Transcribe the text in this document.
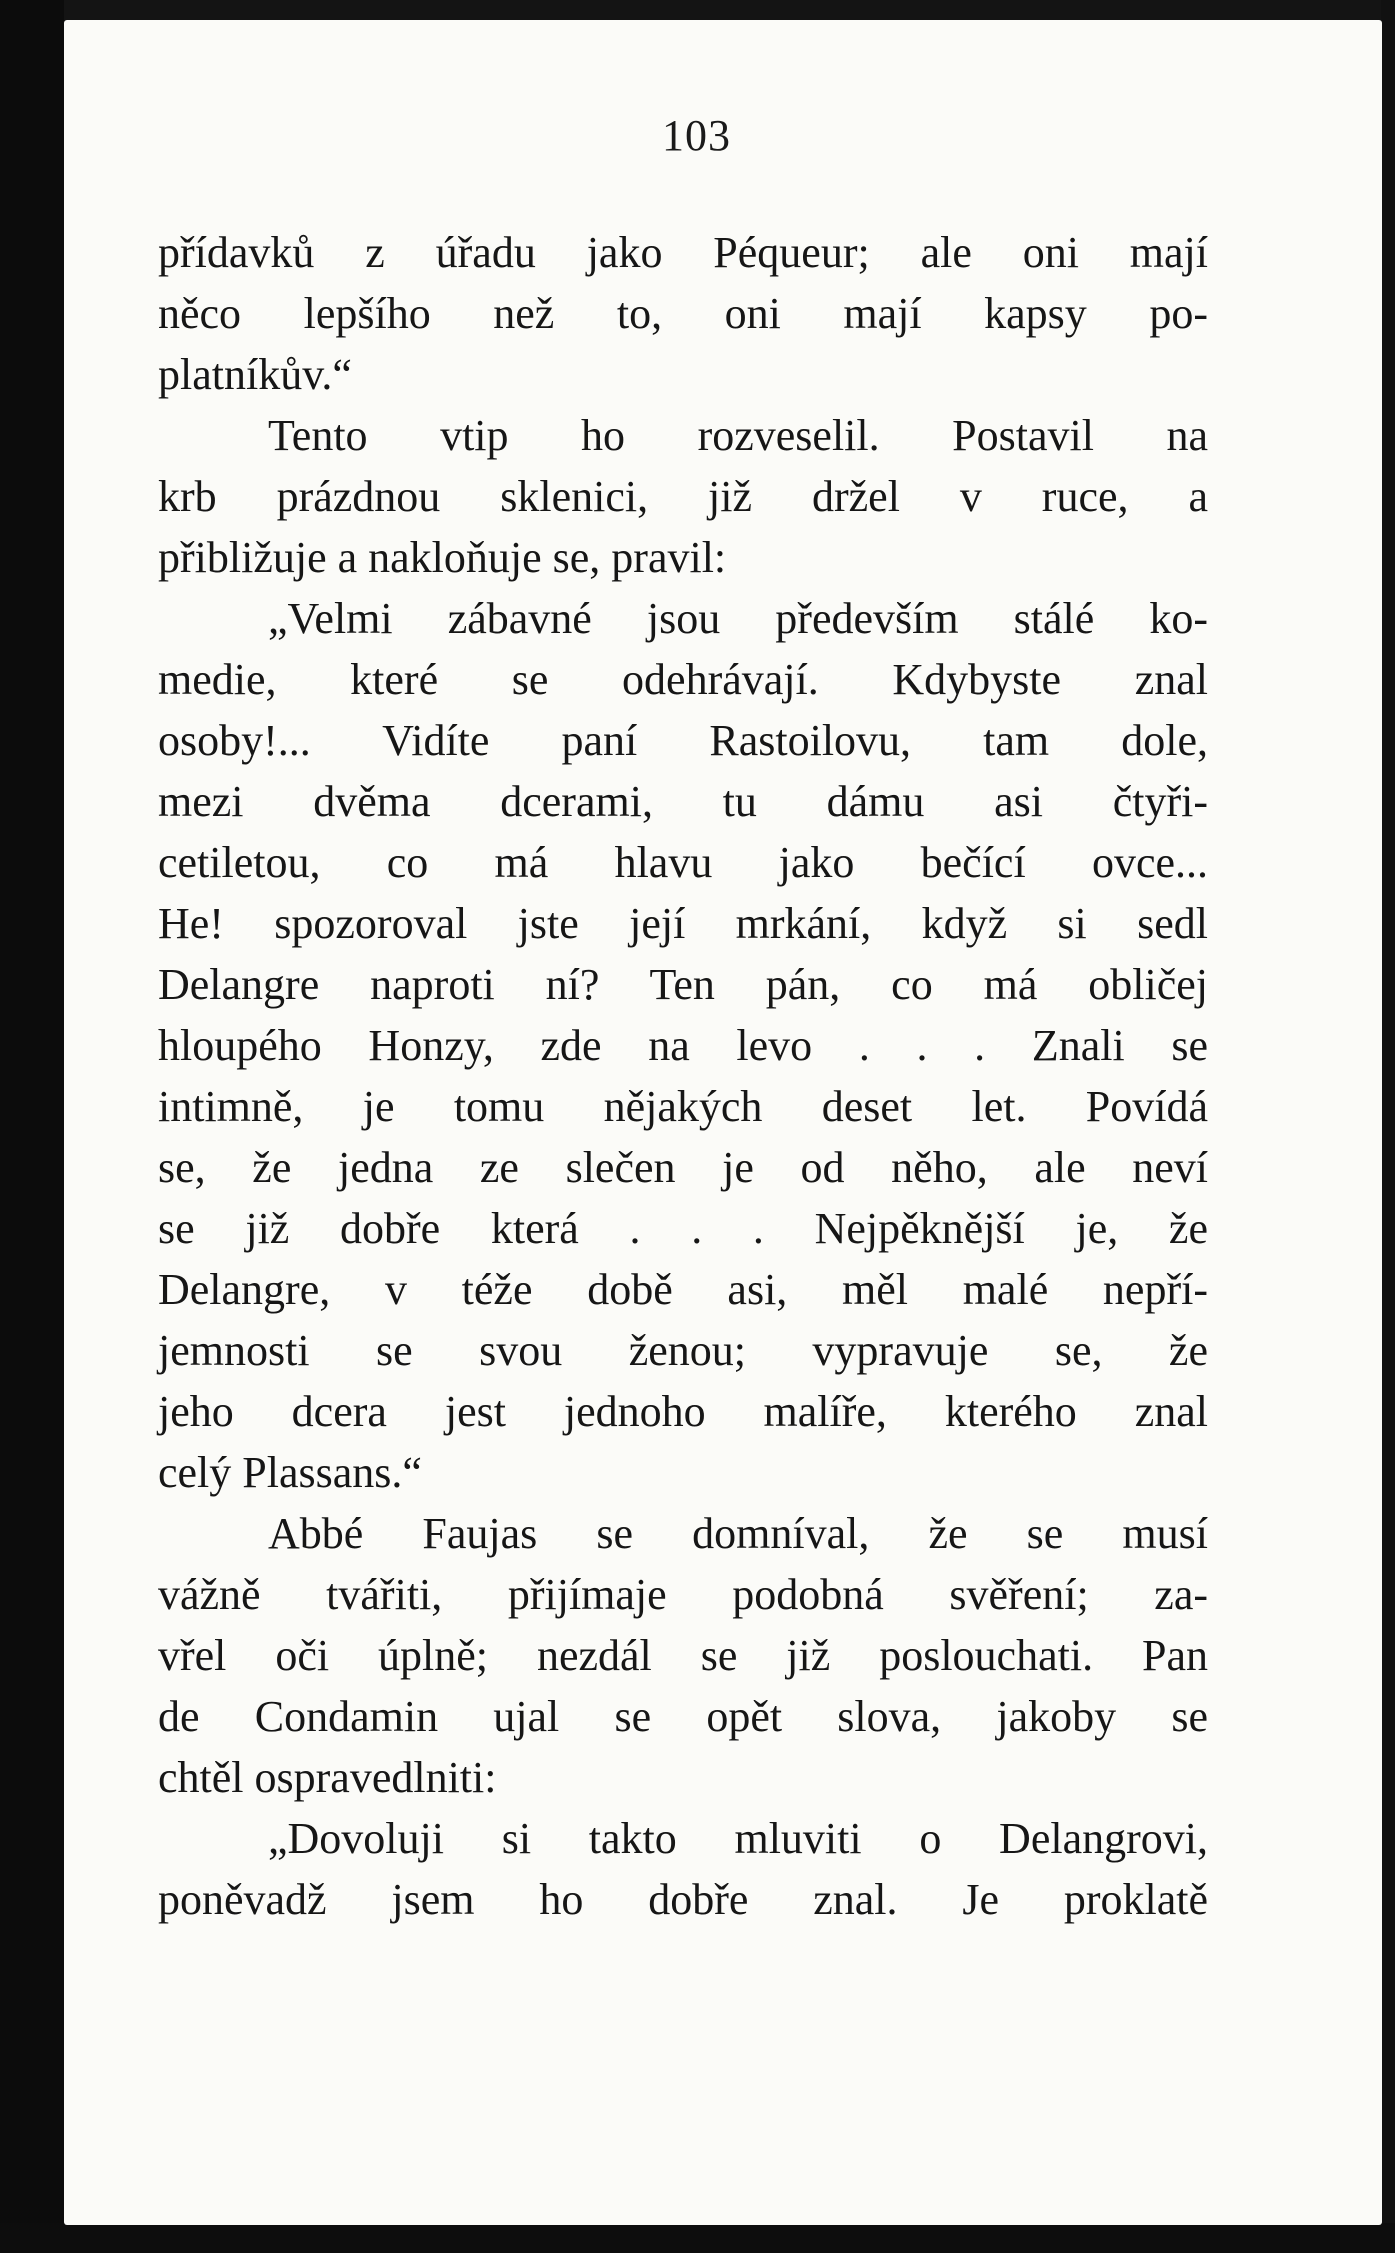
103
přídavků z úřadu jako Péqueur; ale oni mají
něco lepšího než to, oni mají kapsy po-
platníkův.“
Tento vtip ho rozveselil. Postavil na
krb prázdnou sklenici, již držel v ruce, a
přibližuje a nakloňuje se, pravil:
„Velmi zábavné jsou především stálé ko-
medie, které se odehrávají. Kdybyste znal
osoby!... Vidíte paní Rastoilovu, tam dole,
mezi dvěma dcerami, tu dámu asi čtyři-
cetiletou, co má hlavu jako bečící ovce...
He! spozoroval jste její mrkání, když si sedl
Delangre naproti ní? Ten pán, co má obličej
hloupého Honzy, zde na levo . . . Znali se
intimně, je tomu nějakých deset let. Povídá
se, že jedna ze slečen je od něho, ale neví
se již dobře která . . . Nejpěknější je, že
Delangre, v téže době asi, měl malé nepří-
jemnosti se svou ženou; vypravuje se, že
jeho dcera jest jednoho malíře, kterého znal
celý Plassans.“
Abbé Faujas se domníval, že se musí
vážně tvářiti, přijímaje podobná svěření; za-
vřel oči úplně; nezdál se již poslouchati. Pan
de Condamin ujal se opět slova, jakoby se
chtěl ospravedlniti:
„Dovoluji si takto mluviti o Delangrovi,
poněvadž jsem ho dobře znal. Je proklatě
